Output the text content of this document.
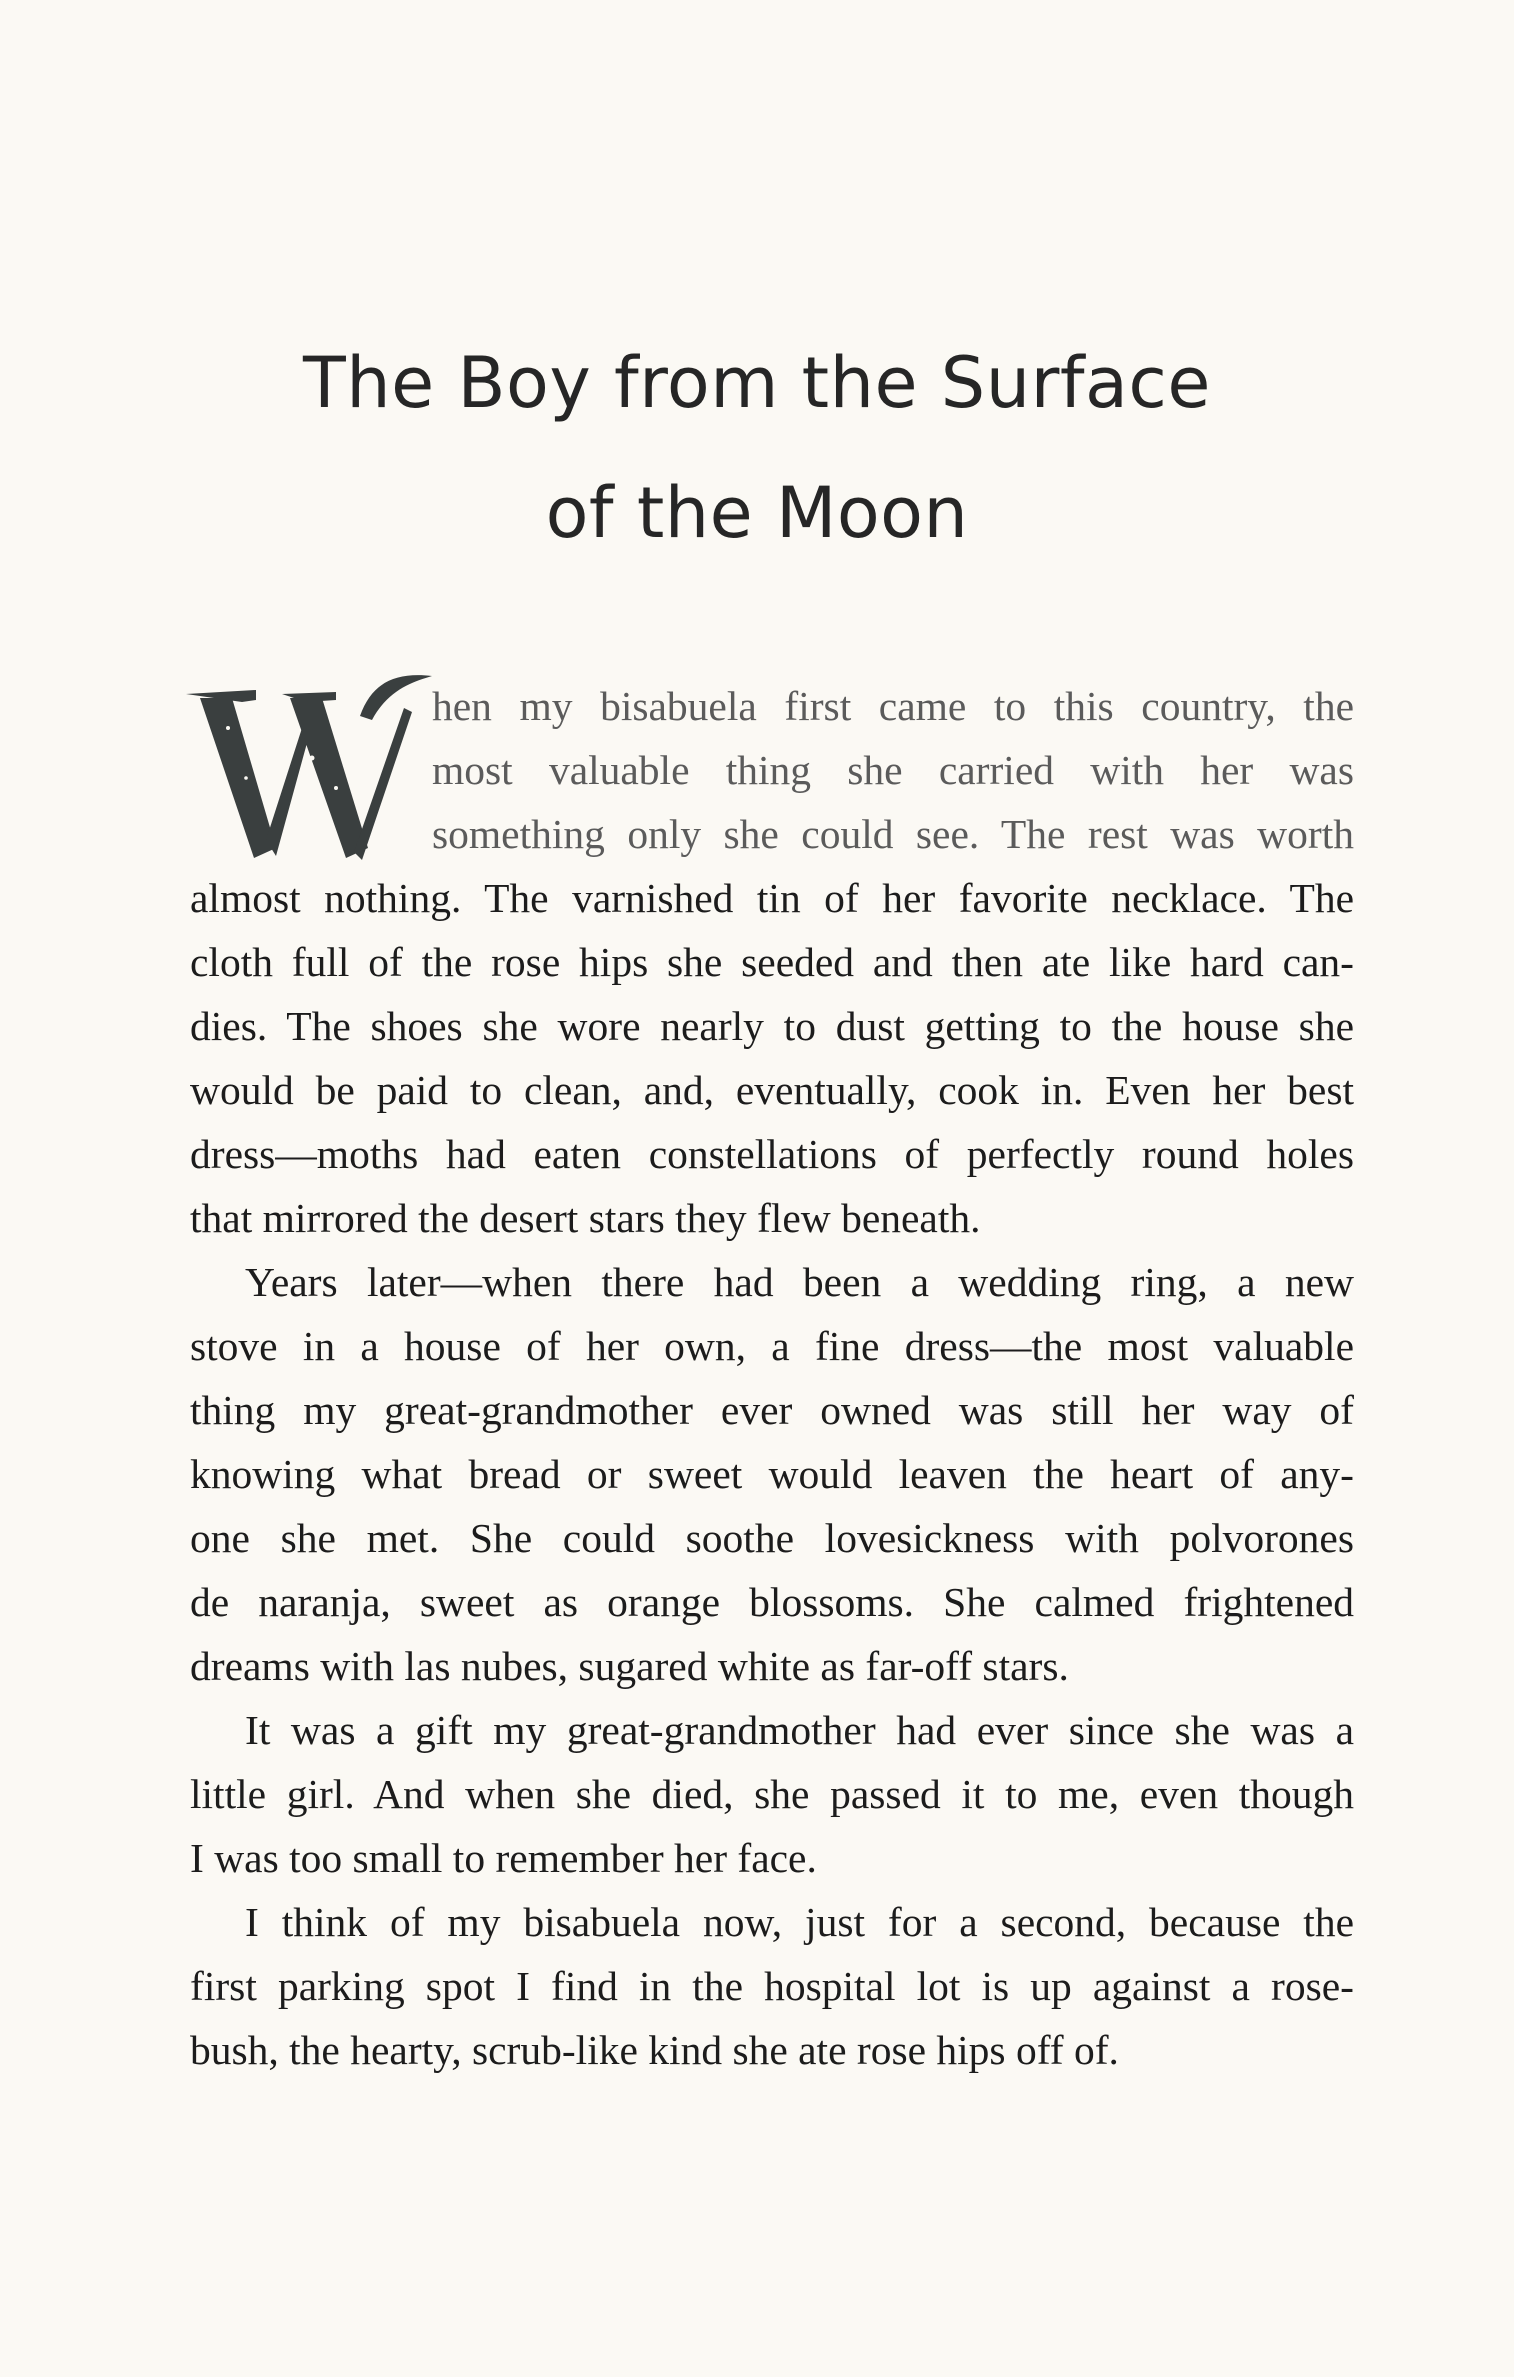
The Boy from the Surface
of the Moon
hen my bisabuela first came to this country, the
most valuable thing she carried with her was
something only she could see. The rest was worth
almost nothing. The varnished tin of her favorite necklace. The
cloth full of the rose hips she seeded and then ate like hard can-
dies. The shoes she wore nearly to dust getting to the house she
would be paid to clean, and, eventually, cook in. Even her best
dress—moths had eaten constellations of perfectly round holes
that mirrored the desert stars they flew beneath.
Years later—when there had been a wedding ring, a new
stove in a house of her own, a fine dress—the most valuable
thing my great-grandmother ever owned was still her way of
knowing what bread or sweet would leaven the heart of any-
one she met. She could soothe lovesickness with polvorones
de naranja, sweet as orange blossoms. She calmed frightened
dreams with las nubes, sugared white as far-off stars.
It was a gift my great-grandmother had ever since she was a
little girl. And when she died, she passed it to me, even though
I was too small to remember her face.
I think of my bisabuela now, just for a second, because the
first parking spot I find in the hospital lot is up against a rose-
bush, the hearty, scrub-like kind she ate rose hips off of.
